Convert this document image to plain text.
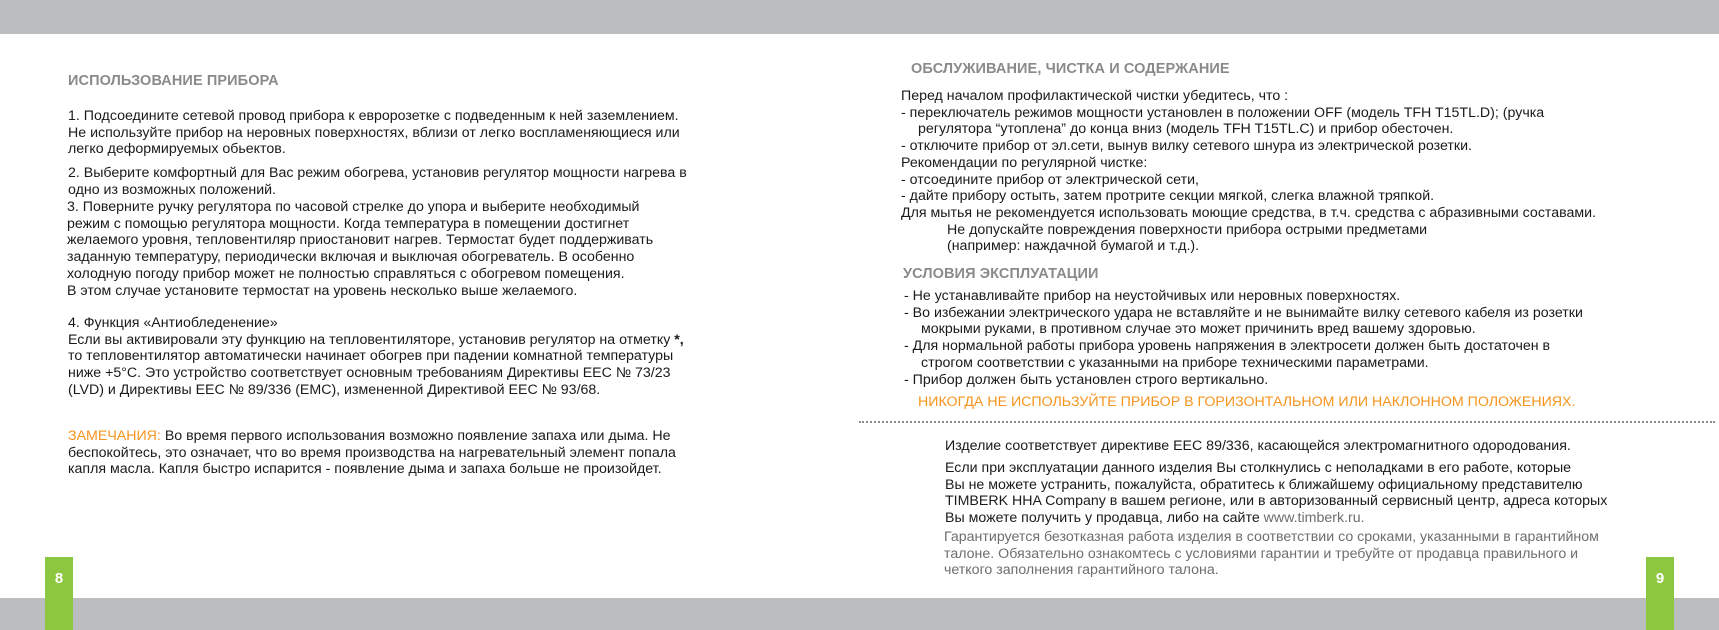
ИСПОЛЬЗОВАНИЕ ПРИБОРА
1. Подсоедините сетевой провод прибора к евророзетке с подведенным к ней заземлением.
Не используйте прибор на неровных поверхностях, вблизи от легко воспламеняющиеся или
легко деформируемых обьектов.
2. Выберите комфортный для Вас режим обогрева, установив регулятор мощности нагрева в
одно из возможных положений.
3. Поверните ручку регулятора по часовой стрелке до упора и выберите необходимый
режим с помощью регулятора мощности. Когда температура в помещении достигнет
желаемого уровня, тепловентиляр приостановит нагрев. Термостат будет поддерживать
заданную температуру, периодически включая и выключая обогреватель. В особенно
холодную погоду прибор может не полностью справляться с обогревом помещения.
В этом случае установите термостат на уровень несколько выше желаемого.
4. Функция «Антиобледенение»
Если вы активировали эту функцию на тепловентиляторе, установив регулятор на отметку *,
то тепловентилятор автоматически начинает обогрев при падении комнатной температуры
ниже +5°С. Это устройство соответствует основным требованиям Директивы ЕЕС № 73/23
(LVD) и Директивы ЕЕС № 89/336 (ЕМС), измененной Директивой ЕЕС № 93/68.
ЗАМЕЧАНИЯ: Во время первого использования возможно появление запаха или дыма. Не
беспокойтесь, это означает, что во время производства на нагревательный элемент попала
капля масла. Капля быстро испарится - появление дыма и запаха больше не произойдет.
8
ОБСЛУЖИВАНИЕ, ЧИСТКА И СОДЕРЖАНИЕ
Перед началом профилактической чистки убедитесь, что :
- переключатель режимов мощности установлен в положении OFF (модель TFH T15TL.D); (ручка
регулятора “утоплена” до конца вниз (модель TFH T15TL.C) и прибор обесточен.
- отключите прибор от эл.сети, вынув вилку сетевого шнура из электрической розетки.
Рекомендации по регулярной чистке:
- отсоедините прибор от электрической сети,
- дайте прибору остыть, затем протрите секции мягкой, слегка влажной тряпкой.
Для мытья не рекомендуется использовать моющие средства, в т.ч. средства с абразивными составами.
Не допускайте повреждения поверхности прибора острыми предметами
(например: наждачной бумагой и т.д.).
УСЛОВИЯ ЭКСПЛУАТАЦИИ
- Не устанавливайте прибор на неустойчивых или неровных поверхностях.
- Во избежании электрического удара не вставляйте и не вынимайте вилку сетевого кабеля из розетки
мокрыми руками, в противном случае это может причинить вред вашему здоровью.
- Для нормальной работы прибора уровень напряжения в электросети должен быть достаточен в
строгом соответствии с указанными на приборе техническими параметрами.
- Прибор должен быть установлен строго вертикально.
НИКОГДА НЕ ИСПОЛЬЗУЙТЕ ПРИБОР В ГОРИЗОНТАЛЬНОМ ИЛИ НАКЛОННОМ ПОЛОЖЕНИЯХ.
Изделие соответствует директиве ЕЕС 89/336, касающейся электромагнитного одородования.
Если при эксплуатации данного изделия Вы столкнулись с неполадками в его работе, которые
Вы не можете устранить, пожалуйста, обратитесь к ближайшему официальному представителю
TIMBERK HHA Company в вашем регионе, или в авторизованный сервисный центр, адреса которых
Вы можете получить у продавца, либо на сайте www.timberk.ru.
Гарантируется безотказная работа изделия в соответствии со сроками, указанными в гарантийном
талоне. Обязательно ознакомтесь с условиями гарантии и требуйте от продавца правильного и
четкого заполнения гарантийного талона.	9
